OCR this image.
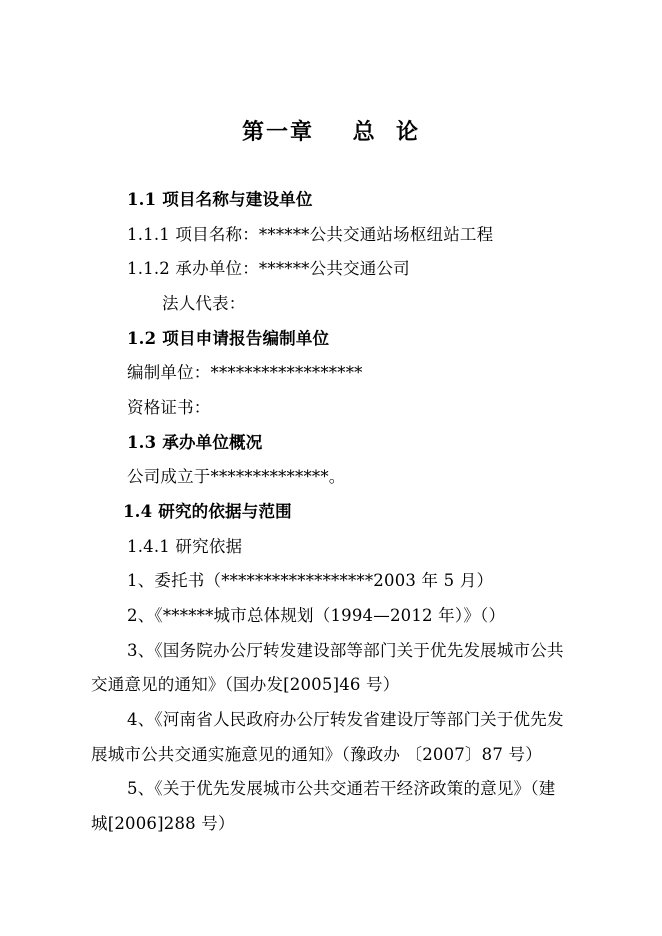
第一章    总  论
1.1 项目名称与建设单位
1.1.1 项目名称：******公共交通站场枢纽站工程
1.1.2 承办单位：******公共交通公司
法人代表：
1.2 项目申请报告编制单位
编制单位：******************
资格证书：
1.3 承办单位概况
公司成立于**************。
1.4 研究的依据与范围
1.4.1 研究依据
1、委托书（******************2003 年 5 月）
2、《******城市总体规划（1994—2012 年）》（）
3、《国务院办公厅转发建设部等部门关于优先发展城市公共
交通意见的通知》（国办发[2005]46 号）
4、《河南省人民政府办公厅转发省建设厅等部门关于优先发
展城市公共交通实施意见的通知》（豫政办 〔2007〕87 号）
5、《关于优先发展城市公共交通若干经济政策的意见》（建
城[2006]288 号）
